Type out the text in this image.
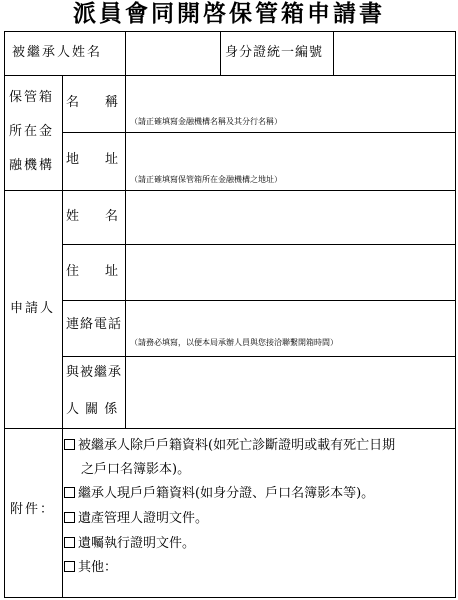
派員會同開啓保管箱申請書
被繼承人姓名	身分證統一編號
保管箱
所在金
融機構
名　　稱
（請正確填寫金融機構名稱及其分行名稱）
地　　址
（請正確填寫保管箱所在金融機構之地址）
申請人
姓　　名
住　　址
連絡電話
（請務必填寫，以便本局承辦人員與您接洽聯繫開箱時間）
與被繼承
人 關 係
附件：
被繼承人除戶戶籍資料(如死亡診斷證明或載有死亡日期
之戶口名簿影本)。
繼承人現戶戶籍資料(如身分證、戶口名簿影本等)。
遺產管理人證明文件。
遺囑執行證明文件。
其他：
